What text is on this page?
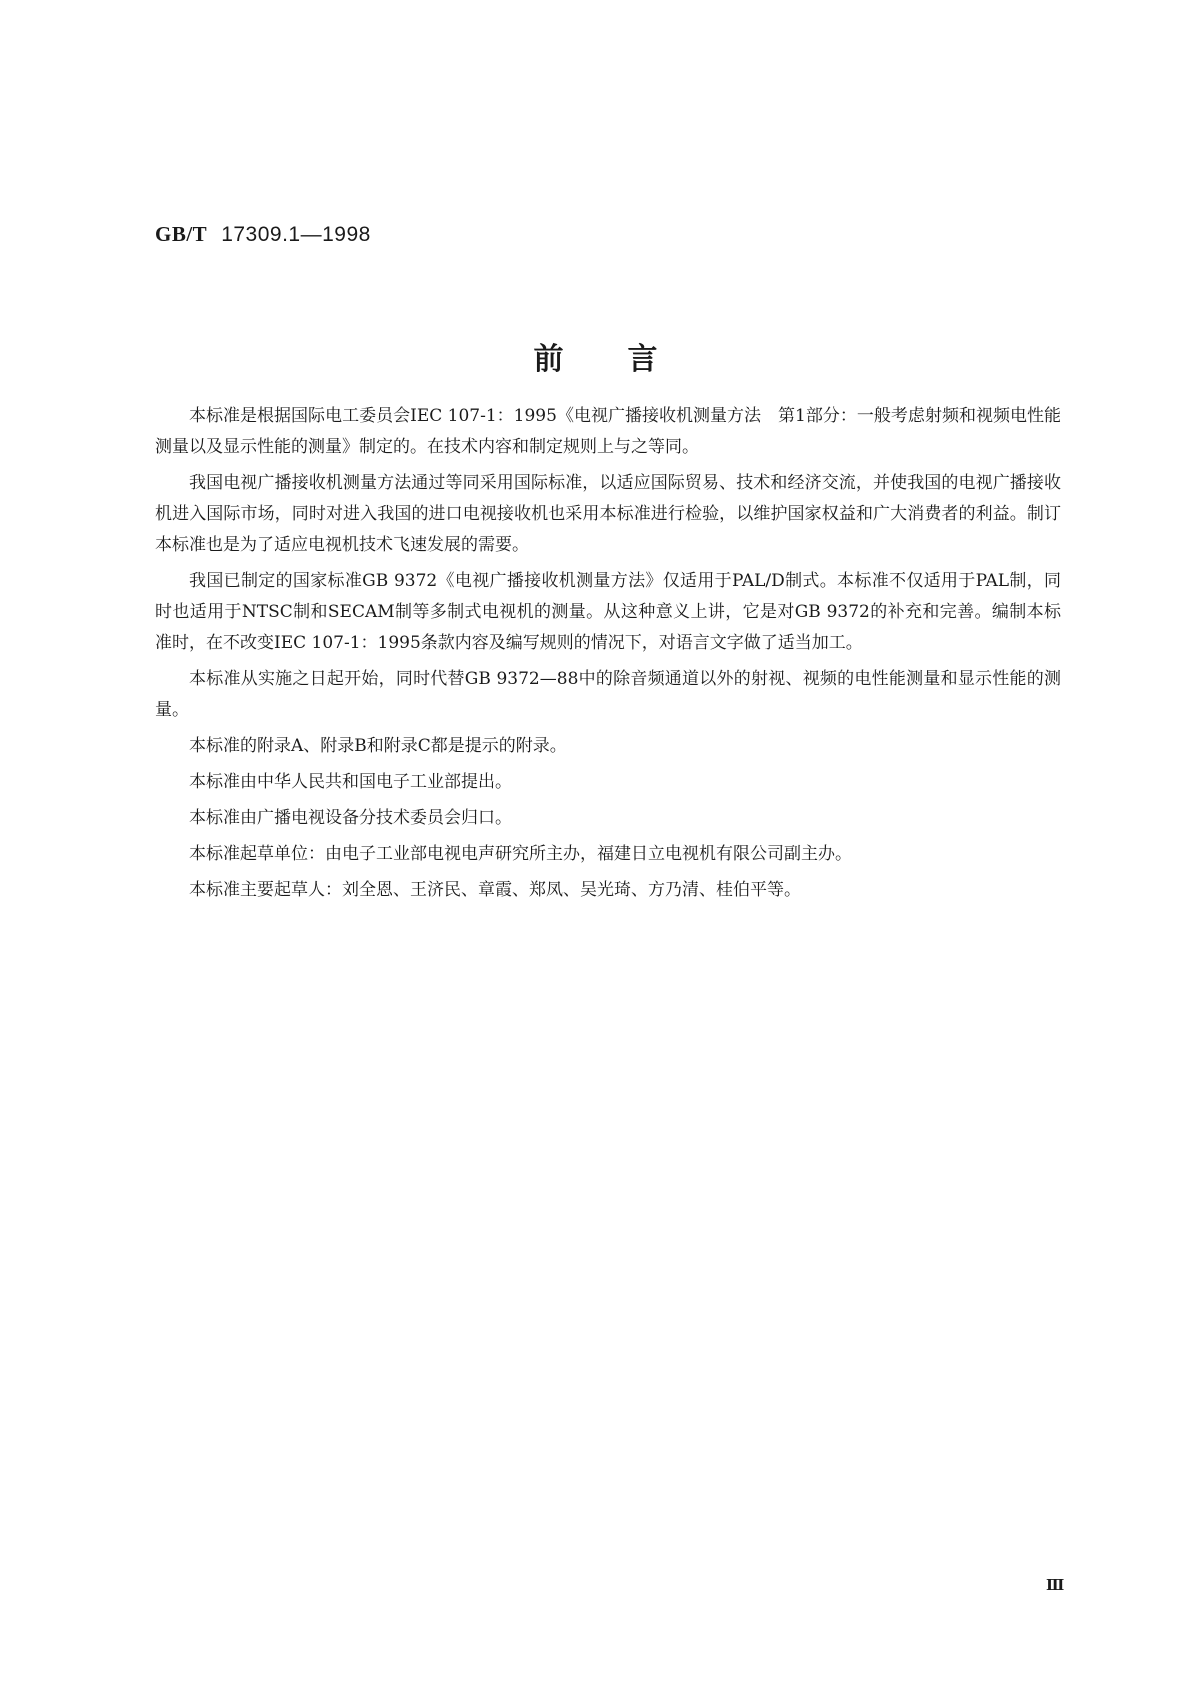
GB/T 17309.1—1998
前言

本标准是根据国际电工委员会IEC 107-1：1995《电视广播接收机测量方法　第1部分：一般考虑射频和视频电性能测量以及显示性能的测量》制定的。在技术内容和制定规则上与之等同。

我国电视广播接收机测量方法通过等同采用国际标准，以适应国际贸易、技术和经济交流，并使我国的电视广播接收机进入国际市场，同时对进入我国的进口电视接收机也采用本标准进行检验，以维护国家权益和广大消费者的利益。制订本标准也是为了适应电视机技术飞速发展的需要。

我国已制定的国家标准GB 9372《电视广播接收机测量方法》仅适用于PAL/D制式。本标准不仅适用于PAL制，同时也适用于NTSC制和SECAM制等多制式电视机的测量。从这种意义上讲，它是对GB 9372的补充和完善。编制本标准时，在不改变IEC 107-1：1995条款内容及编写规则的情况下，对语言文字做了适当加工。

本标准从实施之日起开始，同时代替GB 9372—88中的除音频通道以外的射视、视频的电性能测量和显示性能的测量。

本标准的附录A、附录B和附录C都是提示的附录。

本标准由中华人民共和国电子工业部提出。

本标准由广播电视设备分技术委员会归口。

本标准起草单位：由电子工业部电视电声研究所主办，福建日立电视机有限公司副主办。

本标准主要起草人：刘全恩、王济民、章霞、郑凤、吴光琦、方乃清、桂伯平等。

Ⅲ
